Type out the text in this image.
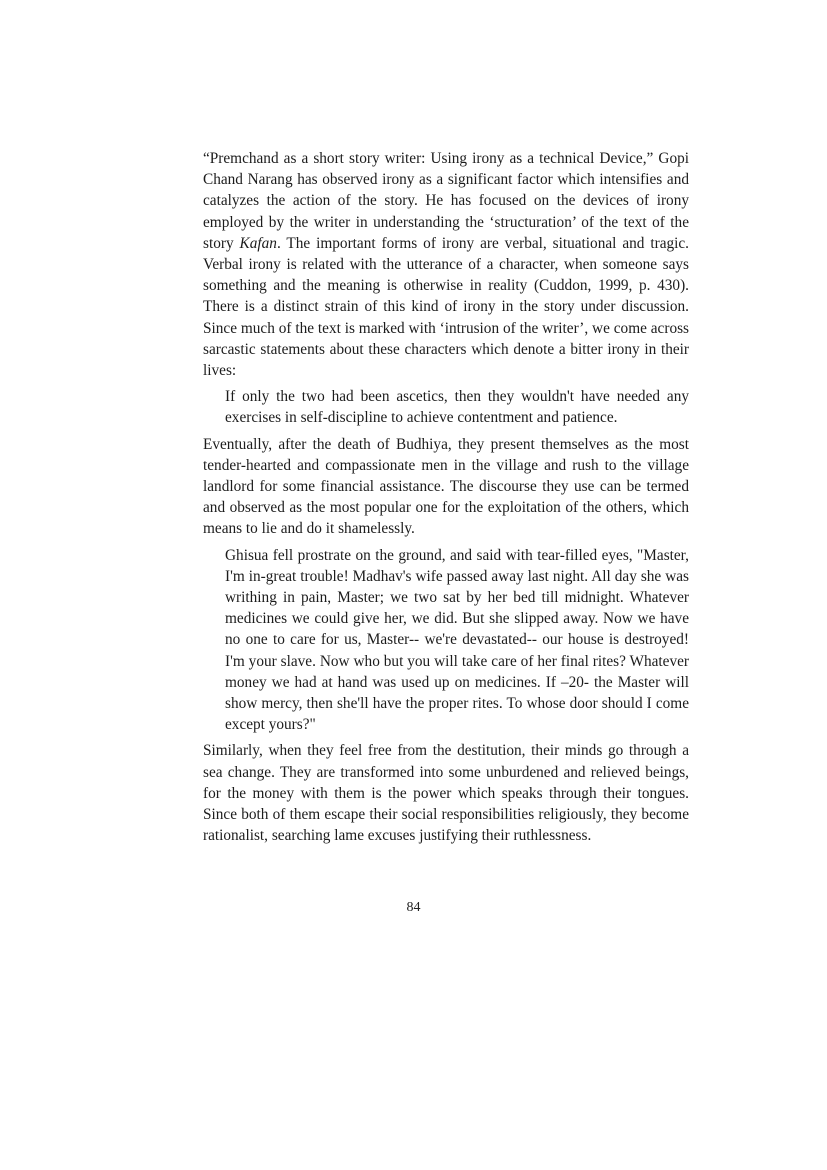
“Premchand as a short story writer: Using irony as a technical Device,” Gopi Chand Narang has observed irony as a significant factor which intensifies and catalyzes the action of the story. He has focused on the devices of irony employed by the writer in understanding the ‘structuration’ of the text of the story Kafan. The important forms of irony are verbal, situational and tragic. Verbal irony is related with the utterance of a character, when someone says something and the meaning is otherwise in reality (Cuddon, 1999, p. 430). There is a distinct strain of this kind of irony in the story under discussion. Since much of the text is marked with ‘intrusion of the writer’, we come across sarcastic statements about these characters which denote a bitter irony in their lives:

If only the two had been ascetics, then they wouldn't have needed any exercises in self-discipline to achieve contentment and patience.

Eventually, after the death of Budhiya, they present themselves as the most tender-hearted and compassionate men in the village and rush to the village landlord for some financial assistance. The discourse they use can be termed and observed as the most popular one for the exploitation of the others, which means to lie and do it shamelessly.

Ghisua fell prostrate on the ground, and said with tear-filled eyes, "Master, I'm in-great trouble! Madhav's wife passed away last night. All day she was writhing in pain, Master; we two sat by her bed till midnight. Whatever medicines we could give her, we did. But she slipped away. Now we have no one to care for us, Master-- we're devastated-- our house is destroyed! I'm your slave. Now who but you will take care of her final rites? Whatever money we had at hand was used up on medicines. If –20- the Master will show mercy, then she'll have the proper rites. To whose door should I come except yours?"

Similarly, when they feel free from the destitution, their minds go through a sea change. They are transformed into some unburdened and relieved beings, for the money with them is the power which speaks through their tongues. Since both of them escape their social responsibilities religiously, they become rationalist, searching lame excuses justifying their ruthlessness.

84
